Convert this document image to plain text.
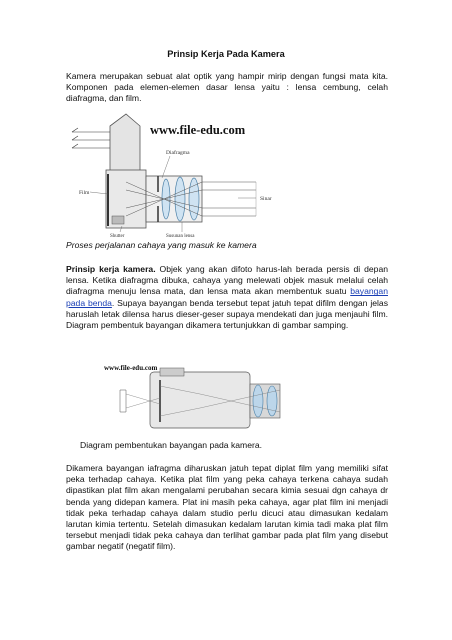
Prinsip Kerja Pada Kamera
Kamera merupakan sebuat alat optik yang hampir mirip dengan fungsi mata kita. Komponen pada elemen-elemen dasar lensa yaitu : lensa cembung, celah diafragma, dan film.
www.file-edu.com
Diafragma
Film
Sinar
Shutter	Susunan lensa
Proses perjalanan cahaya yang masuk ke kamera
Prinsip kerja kamera. Objek yang akan difoto harus-lah berada persis di depan lensa. Ketika diafragma dibuka, cahaya yang melewati objek masuk melalui celah diafragma menuju lensa mata, dan lensa mata akan membentuk suatu bayangan pada benda. Supaya bayangan benda tersebut tepat jatuh tepat difilm dengan jelas haruslah letak dilensa harus dieser-geser supaya mendekati dan juga menjauhi film. Diagram pembentuk bayangan dikamera tertunjukkan di gambar samping.
www.file-edu.com
Diagram pembentukan bayangan pada kamera.
Dikamera bayangan iafragma diharuskan jatuh tepat diplat film yang memiliki sifat peka terhadap cahaya. Ketika plat film yang peka cahaya terkena cahaya sudah dipastikan plat film akan mengalami perubahan secara kimia sesuai dgn cahaya dr benda yang didepan kamera. Plat ini masih peka cahaya, agar plat film ini menjadi tidak peka terhadap cahaya dalam studio perlu dicuci atau dimasukan kedalam larutan kimia tertentu. Setelah dimasukan kedalam larutan kimia tadi maka plat film tersebut menjadi tidak peka cahaya dan terlihat gambar pada plat film yang disebut gambar negatif (negatif film).
